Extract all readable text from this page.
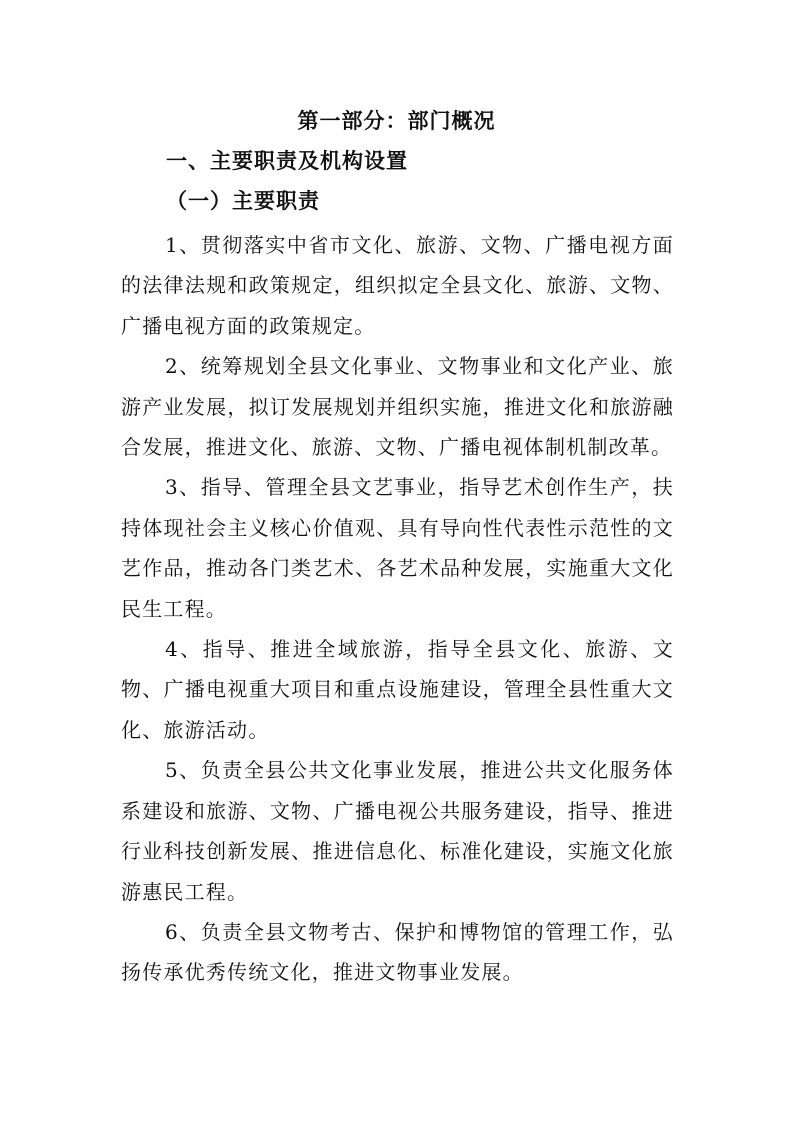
第一部分：部门概况
一、主要职责及机构设置
（一）主要职责

1、贯彻落实中省市文化、旅游、文物、广播电视方面的法律法规和政策规定，组织拟定全县文化、旅游、文物、广播电视方面的政策规定。

2、统筹规划全县文化事业、文物事业和文化产业、旅游产业发展，拟订发展规划并组织实施，推进文化和旅游融合发展，推进文化、旅游、文物、广播电视体制机制改革。

3、指导、管理全县文艺事业，指导艺术创作生产，扶持体现社会主义核心价值观、具有导向性代表性示范性的文艺作品，推动各门类艺术、各艺术品种发展，实施重大文化民生工程。

4、指导、推进全域旅游，指导全县文化、旅游、文物、广播电视重大项目和重点设施建设，管理全县性重大文化、旅游活动。

5、负责全县公共文化事业发展，推进公共文化服务体系建设和旅游、文物、广播电视公共服务建设，指导、推进行业科技创新发展、推进信息化、标准化建设，实施文化旅游惠民工程。

6、负责全县文物考古、保护和博物馆的管理工作，弘扬传承优秀传统文化，推进文物事业发展。
